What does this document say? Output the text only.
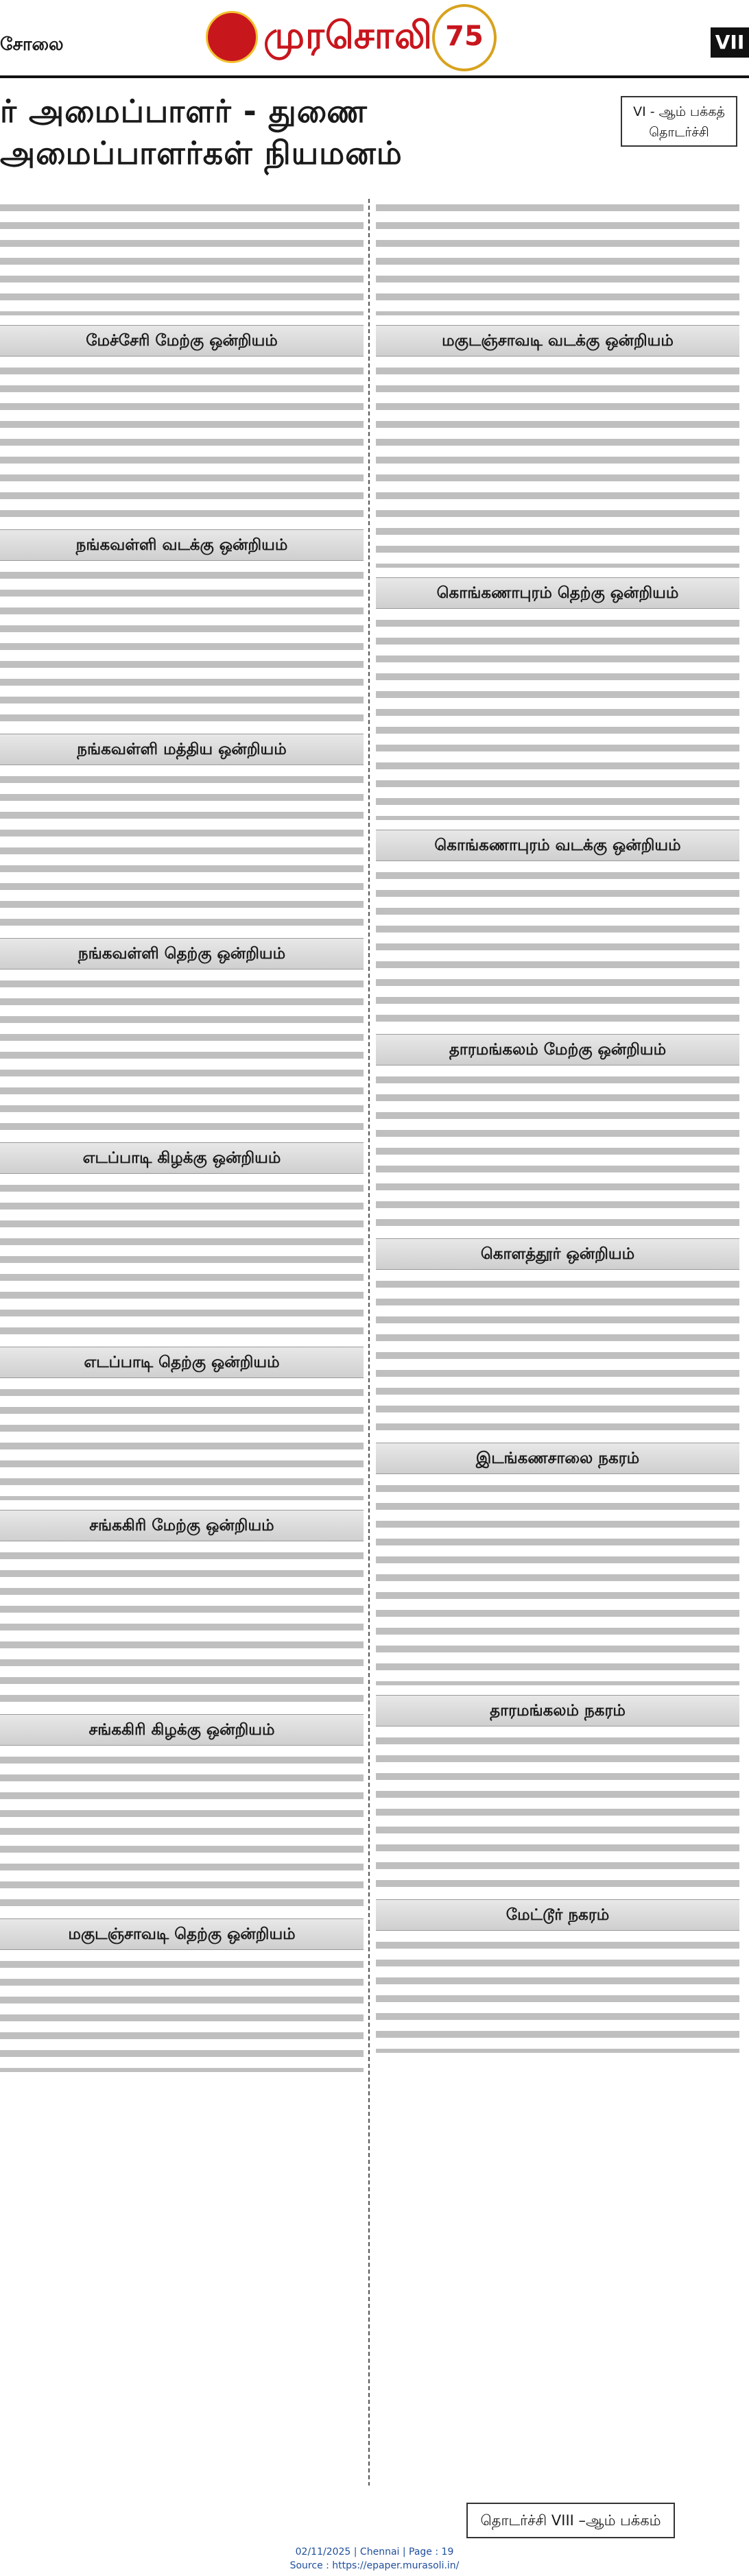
சோலை	முரசொலி 75	VII
ர் அமைப்பாளர் - துணை அமைப்பாளர்கள் நியமனம்
VI - ஆம் பக்கத்
தொடர்ச்சி
மேச்சேரி மேற்கு ஒன்றியம்
நங்கவள்ளி வடக்கு ஒன்றியம்
நங்கவள்ளி மத்திய ஒன்றியம்
நங்கவள்ளி தெற்கு ஒன்றியம்
எடப்பாடி கிழக்கு ஒன்றியம்
எடப்பாடி தெற்கு ஒன்றியம்
சங்ககிரி மேற்கு ஒன்றியம்
சங்ககிரி கிழக்கு ஒன்றியம்
மகுடஞ்சாவடி தெற்கு ஒன்றியம்
மகுடஞ்சாவடி வடக்கு ஒன்றியம்
கொங்கணாபுரம் தெற்கு ஒன்றியம்
கொங்கணாபுரம் வடக்கு ஒன்றியம்
தாரமங்கலம் மேற்கு ஒன்றியம்
கொளத்தூர் ஒன்றியம்
இடங்கணசாலை நகரம்
தாரமங்கலம் நகரம்
மேட்டூர் நகரம்
தொடர்ச்சி VIII –ஆம் பக்கம்
02/11/2025 | Chennai | Page : 19
Source : https://epaper.murasoli.in/
